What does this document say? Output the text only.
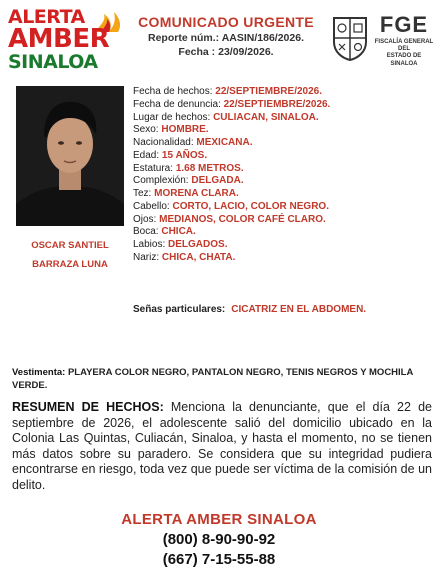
ALERTA
AMBER
SINALOA
COMUNICADO URGENTE
Reporte núm.: AASIN/186/2026.
Fecha : 23/09/2026.
FGE
FISCALÍA GENERAL DEL
ESTADO DE SINALOA
OSCAR SANTIEL
BARRAZA LUNA
Fecha de hechos: 22/SEPTIEMBRE/2026.
Fecha de denuncia: 22/SEPTIEMBRE/2026.
Lugar de hechos: CULIACAN, SINALOA.
Sexo: HOMBRE.
Nacionalidad: MEXICANA.
Edad: 15 AÑOS.
Estatura: 1.68 METROS.
Complexión: DELGADA.
Tez: MORENA CLARA.
Cabello: CORTO, LACIO, COLOR NEGRO.
Ojos: MEDIANOS, COLOR CAFÉ CLARO.
Boca: CHICA.
Labios: DELGADOS.
Nariz: CHICA, CHATA.
Señas particulares: CICATRIZ EN EL ABDOMEN.
Vestimenta: PLAYERA COLOR NEGRO, PANTALON NEGRO, TENIS NEGROS Y MOCHILA VERDE.
RESUMEN DE HECHOS: Menciona la denunciante, que el día 22 de septiembre de 2026, el adolescente salió del domicilio ubicado en la Colonia Las Quintas, Culiacán, Sinaloa, y hasta el momento, no se tienen más datos sobre su paradero. Se considera que su integridad pudiera encontrarse en riesgo, toda vez que puede ser víctima de la comisión de un delito.
ALERTA AMBER SINALOA
(800) 8-90-90-92
(667) 7-15-55-88
